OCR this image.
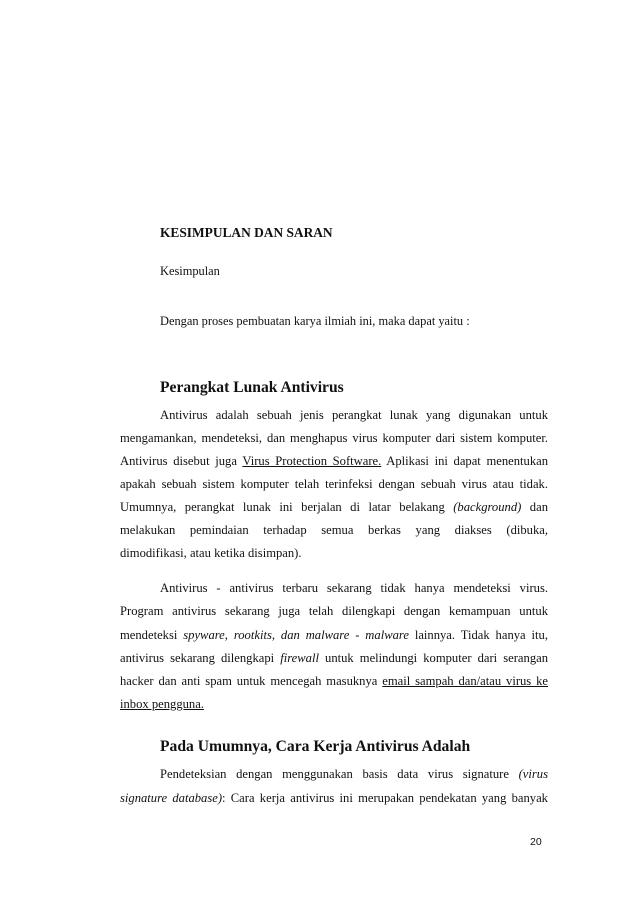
KESIMPULAN DAN SARAN
Kesimpulan
Dengan proses pembuatan karya ilmiah ini, maka dapat yaitu :
Perangkat Lunak Antivirus
Antivirus adalah sebuah jenis perangkat lunak yang digunakan untuk
mengamankan, mendeteksi, dan menghapus virus komputer dari sistem komputer.
Antivirus disebut juga Virus Protection Software. Aplikasi ini dapat menentukan
apakah sebuah sistem komputer telah terinfeksi dengan sebuah virus atau tidak.
Umumnya, perangkat lunak ini berjalan di latar belakang (background) dan
melakukan pemindaian terhadap semua berkas yang diakses (dibuka,
dimodifikasi, atau ketika disimpan).
Antivirus - antivirus terbaru sekarang tidak hanya mendeteksi virus.
Program antivirus sekarang juga telah dilengkapi dengan kemampuan untuk
mendeteksi spyware, rootkits, dan malware - malware lainnya. Tidak hanya itu,
antivirus sekarang dilengkapi firewall untuk melindungi komputer dari serangan
hacker dan anti spam untuk mencegah masuknya email sampah dan/atau virus ke
inbox pengguna.
Pada Umumnya, Cara Kerja Antivirus Adalah
Pendeteksian dengan menggunakan basis data virus signature (virus
signature database): Cara kerja antivirus ini merupakan pendekatan yang banyak
20
